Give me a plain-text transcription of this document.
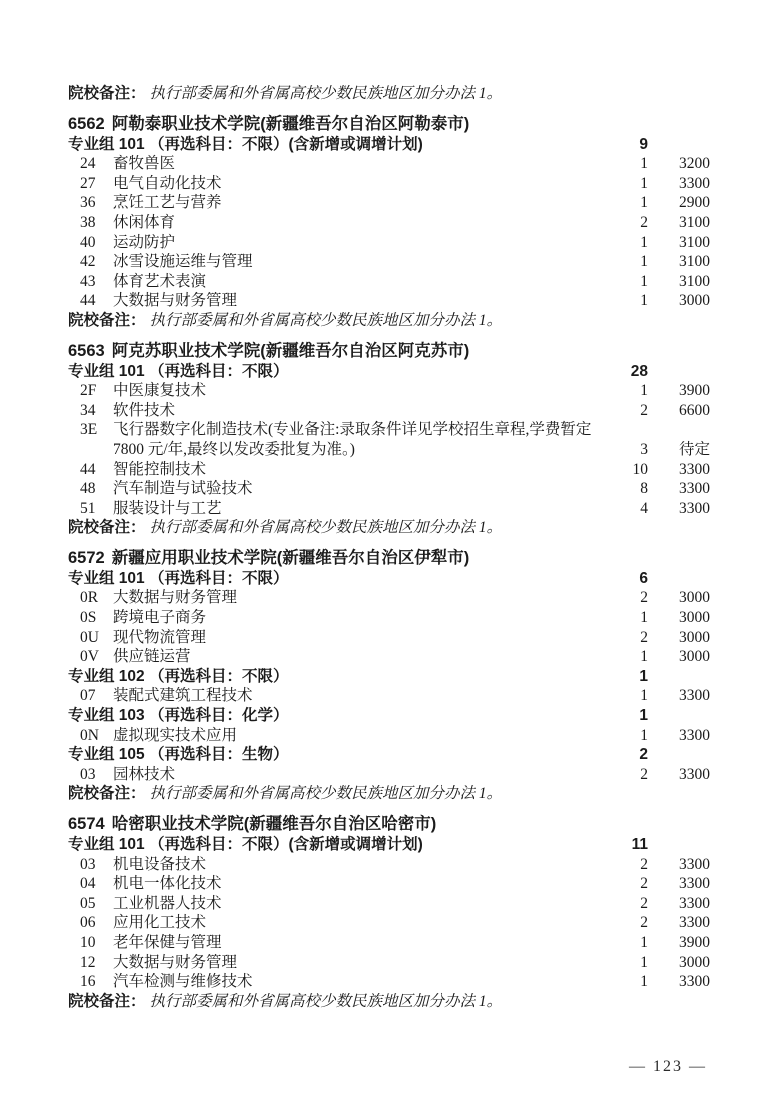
院校备注： 执行部委属和外省属高校少数民族地区加分办法 1。
6562 阿勒泰职业技术学院(新疆维吾尔自治区阿勒泰市)
专业组 101 （再选科目：不限）(含新增或调增计划)	9
24	畜牧兽医	1	3200
27	电气自动化技术	1	3300
36	烹饪工艺与营养	1	2900
38	休闲体育	2	3100
40	运动防护	1	3100
42	冰雪设施运维与管理	1	3100
43	体育艺术表演	1	3100
44	大数据与财务管理	1	3000
院校备注： 执行部委属和外省属高校少数民族地区加分办法 1。
6563 阿克苏职业技术学院(新疆维吾尔自治区阿克苏市)
专业组 101 （再选科目：不限）	28
2F	中医康复技术	1	3900
34	软件技术	2	6600
3E	飞行器数字化制造技术(专业备注:录取条件详见学校招生章程,学费暂定 7800 元/年,最终以发改委批复为准。)	3	待定
44	智能控制技术	10	3300
48	汽车制造与试验技术	8	3300
51	服装设计与工艺	4	3300
院校备注： 执行部委属和外省属高校少数民族地区加分办法 1。
6572 新疆应用职业技术学院(新疆维吾尔自治区伊犁市)
专业组 101 （再选科目：不限）	6
0R 大数据与财务管理	2	3000
0S	跨境电子商务	1	3000
0U 现代物流管理	2	3000
0V 供应链运营	1	3000
专业组 102 （再选科目：不限）	1
07	装配式建筑工程技术	1	3300
专业组 103 （再选科目：化学）	1
0N 虚拟现实技术应用	1	3300
专业组 105 （再选科目：生物）	2
03	园林技术	2	3300
院校备注： 执行部委属和外省属高校少数民族地区加分办法 1。
6574 哈密职业技术学院(新疆维吾尔自治区哈密市)
专业组 101 （再选科目：不限）(含新增或调增计划)	11
03	机电设备技术	2	3300
04	机电一体化技术	2	3300
05	工业机器人技术	2	3300
06	应用化工技术	2	3300
10	老年保健与管理	1	3900
12	大数据与财务管理	1	3000
16	汽车检测与维修技术	1	3300
院校备注： 执行部委属和外省属高校少数民族地区加分办法 1。
— 123 —
